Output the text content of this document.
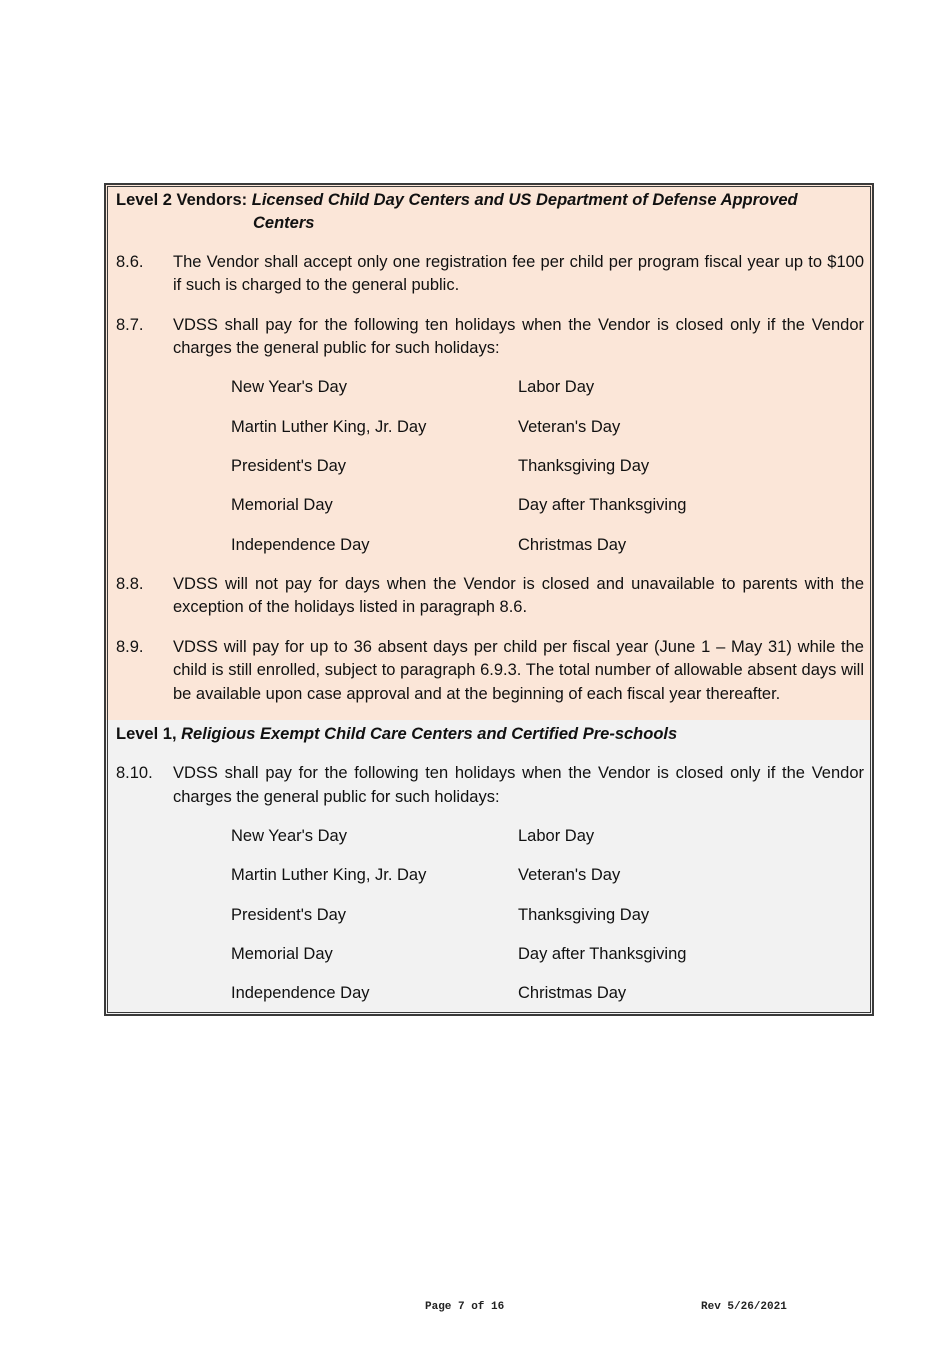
Level 2 Vendors: Licensed Child Day Centers and US Department of Defense Approved
Centers
8.6.	The Vendor shall accept only one registration fee per child per program fiscal year up to $100 if such is charged to the general public.
8.7.	VDSS shall pay for the following ten holidays when the Vendor is closed only if the Vendor charges the general public for such holidays:
New Year's Day	Labor Day
Martin Luther King, Jr. Day	Veteran's Day
President's Day	Thanksgiving Day
Memorial Day	Day after Thanksgiving
Independence Day	Christmas Day
8.8.	VDSS will not pay for days when the Vendor is closed and unavailable to parents with the exception of the holidays listed in paragraph 8.6.
8.9.	VDSS will pay for up to 36 absent days per child per fiscal year (June 1 – May 31) while the child is still enrolled, subject to paragraph 6.9.3. The total number of allowable absent days will be available upon case approval and at the beginning of each fiscal year thereafter.
Level 1, Religious Exempt Child Care Centers and Certified Pre-schools
8.10.	VDSS shall pay for the following ten holidays when the Vendor is closed only if the Vendor charges the general public for such holidays:
New Year's Day	Labor Day
Martin Luther King, Jr. Day	Veteran's Day
President's Day	Thanksgiving Day
Memorial Day	Day after Thanksgiving
Independence Day	Christmas Day
Page 7 of 16	Rev 5/26/2021
